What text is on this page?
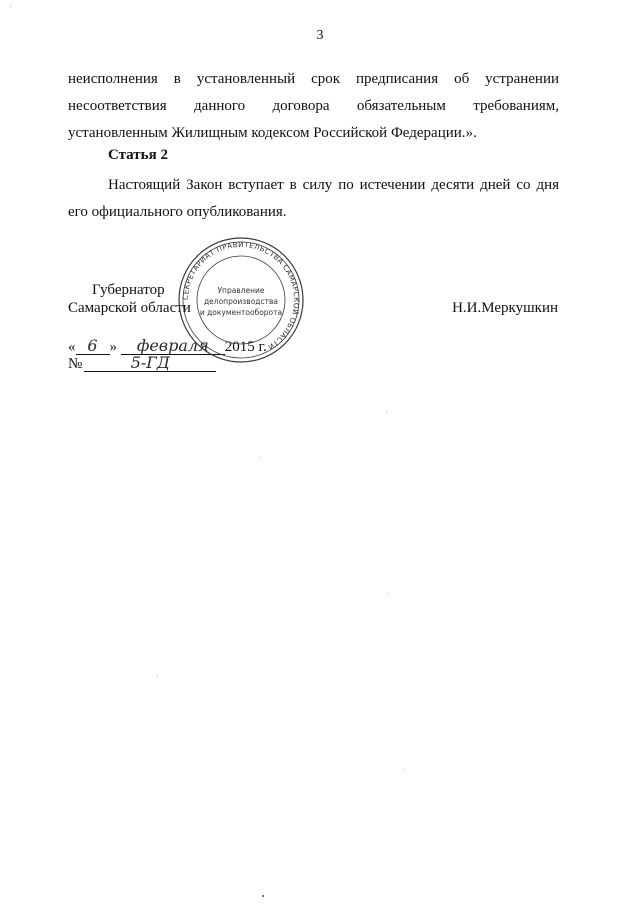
3
неисполнения в установленный срок предписания об устранении несоответствия данного договора обязательным требованиям, установленным Жилищным кодексом Российской Федерации.».
Статья 2
Настоящий Закон вступает в силу по истечении десяти дней со дня его официального опубликования.
Губернатор
Самарской области	Н.И.Меркушкин
« 6 » февраля 2015 г.
№	5-ГД
СЕКРЕТАРИАТ ПРАВИТЕЛЬСТВА САМАРСКОЙ ОБЛАСТИ
Управление
делопроизводства
и документооборота
